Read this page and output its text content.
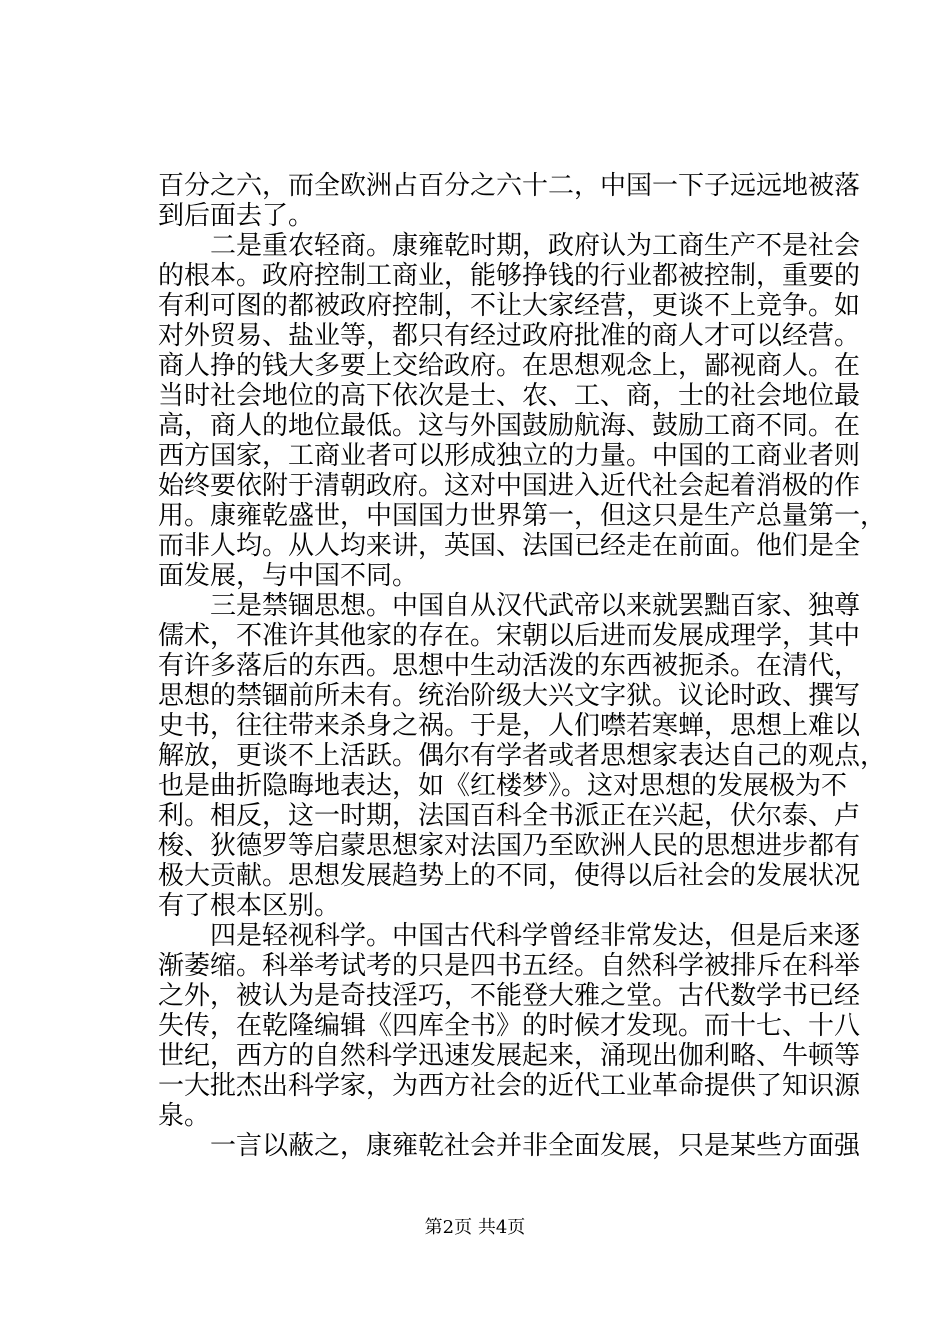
百分之六，而全欧洲占百分之六十二，中国一下子远远地被落
到后面去了。
二是重农轻商。康雍乾时期，政府认为工商生产不是社会
的根本。政府控制工商业，能够挣钱的行业都被控制，重要的
有利可图的都被政府控制，不让大家经营，更谈不上竞争。如
对外贸易、盐业等，都只有经过政府批准的商人才可以经营。
商人挣的钱大多要上交给政府。在思想观念上，鄙视商人。在
当时社会地位的高下依次是士、农、工、商，士的社会地位最
高，商人的地位最低。这与外国鼓励航海、鼓励工商不同。在
西方国家，工商业者可以形成独立的力量。中国的工商业者则
始终要依附于清朝政府。这对中国进入近代社会起着消极的作
用。康雍乾盛世，中国国力世界第一，但这只是生产总量第一，
而非人均。从人均来讲，英国、法国已经走在前面。他们是全
面发展，与中国不同。
三是禁锢思想。中国自从汉代武帝以来就罢黜百家、独尊
儒术，不准许其他家的存在。宋朝以后进而发展成理学，其中
有许多落后的东西。思想中生动活泼的东西被扼杀。在清代，
思想的禁锢前所未有。统治阶级大兴文字狱。议论时政、撰写
史书，往往带来杀身之祸。于是，人们噤若寒蝉，思想上难以
解放，更谈不上活跃。偶尔有学者或者思想家表达自己的观点，
也是曲折隐晦地表达，如《红楼梦》。这对思想的发展极为不
利。相反，这一时期，法国百科全书派正在兴起，伏尔泰、卢
梭、狄德罗等启蒙思想家对法国乃至欧洲人民的思想进步都有
极大贡献。思想发展趋势上的不同，使得以后社会的发展状况
有了根本区别。
四是轻视科学。中国古代科学曾经非常发达，但是后来逐
渐萎缩。科举考试考的只是四书五经。自然科学被排斥在科举
之外，被认为是奇技淫巧，不能登大雅之堂。古代数学书已经
失传，在乾隆编辑《四库全书》的时候才发现。而十七、十八
世纪，西方的自然科学迅速发展起来，涌现出伽利略、牛顿等
一大批杰出科学家，为西方社会的近代工业革命提供了知识源
泉。
一言以蔽之，康雍乾社会并非全面发展，只是某些方面强
第2页 共4页
